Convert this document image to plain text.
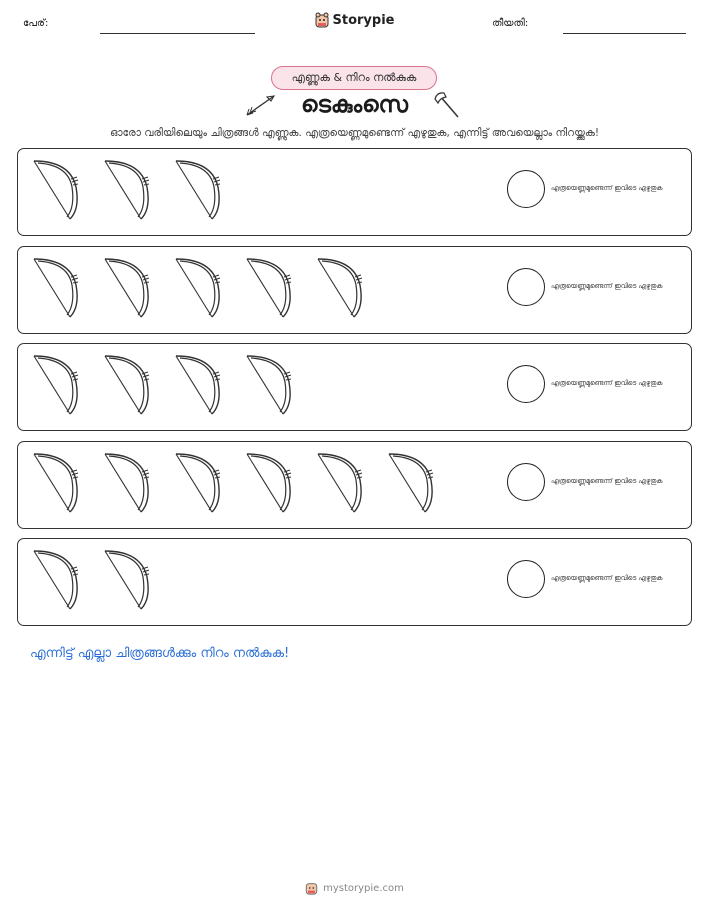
പേര്:	Storypie	തീയതി:
എണ്ണുക & നിറം നൽകുക
ടെകുംസെ
ഓരോ വരിയിലെയും ചിത്രങ്ങൾ എണ്ണുക. എത്രയെണ്ണമുണ്ടെന്ന് എഴുതുക, എന്നിട്ട് അവയെല്ലാം നിറയ്ക്കുക!
എത്രയെണ്ണമുണ്ടെന്ന് ഇവിടെ എഴുതുക
എത്രയെണ്ണമുണ്ടെന്ന് ഇവിടെ എഴുതുക
എത്രയെണ്ണമുണ്ടെന്ന് ഇവിടെ എഴുതുക
എത്രയെണ്ണമുണ്ടെന്ന് ഇവിടെ എഴുതുക
എത്രയെണ്ണമുണ്ടെന്ന് ഇവിടെ എഴുതുക
എന്നിട്ട് എല്ലാ ചിത്രങ്ങൾക്കും നിറം നൽകുക!
mystorypie.com
